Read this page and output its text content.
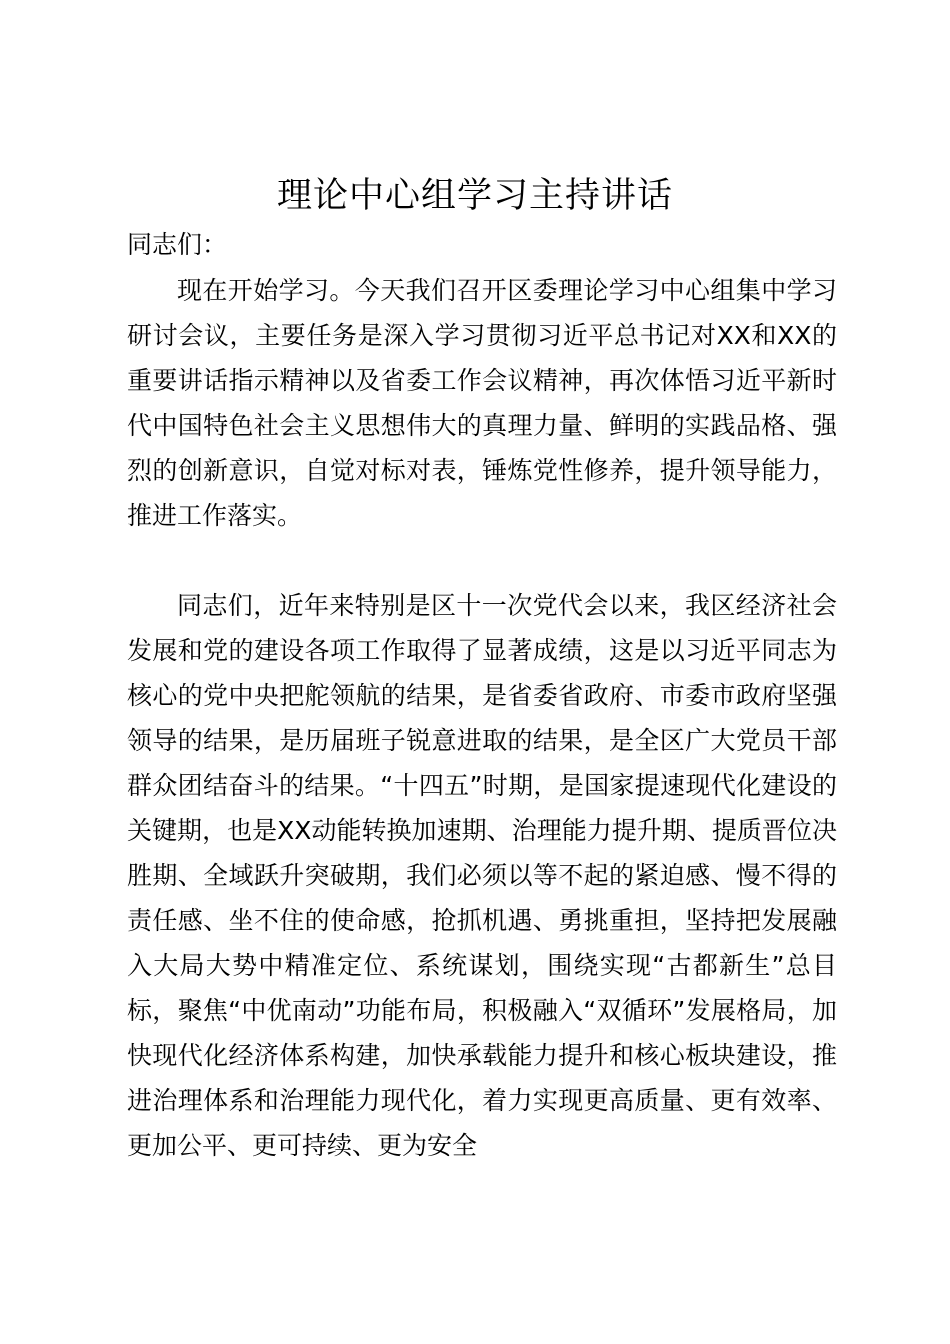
理论中心组学习主持讲话

同志们：

现在开始学习。今天我们召开区委理论学习中心组集中学习研讨会议，主要任务是深入学习贯彻习近平总书记对XX和XX的重要讲话指示精神以及省委工作会议精神，再次体悟习近平新时代中国特色社会主义思想伟大的真理力量、鲜明的实践品格、强烈的创新意识，自觉对标对表，锤炼党性修养，提升领导能力，推进工作落实。

同志们，近年来特别是区十一次党代会以来，我区经济社会发展和党的建设各项工作取得了显著成绩，这是以习近平同志为核心的党中央把舵领航的结果，是省委省政府、市委市政府坚强领导的结果，是历届班子锐意进取的结果，是全区广大党员干部群众团结奋斗的结果。“十四五”时期，是国家提速现代化建设的关键期，也是XX动能转换加速期、治理能力提升期、提质晋位决胜期、全域跃升突破期，我们必须以等不起的紧迫感、慢不得的责任感、坐不住的使命感，抢抓机遇、勇挑重担，坚持把发展融入大局大势中精准定位、系统谋划，围绕实现“古都新生”总目标，聚焦“中优南动”功能布局，积极融入“双循环”发展格局，加快现代化经济体系构建，加快承载能力提升和核心板块建设，推进治理体系和治理能力现代化，着力实现更高质量、更有效率、更加公平、更可持续、更为安全
